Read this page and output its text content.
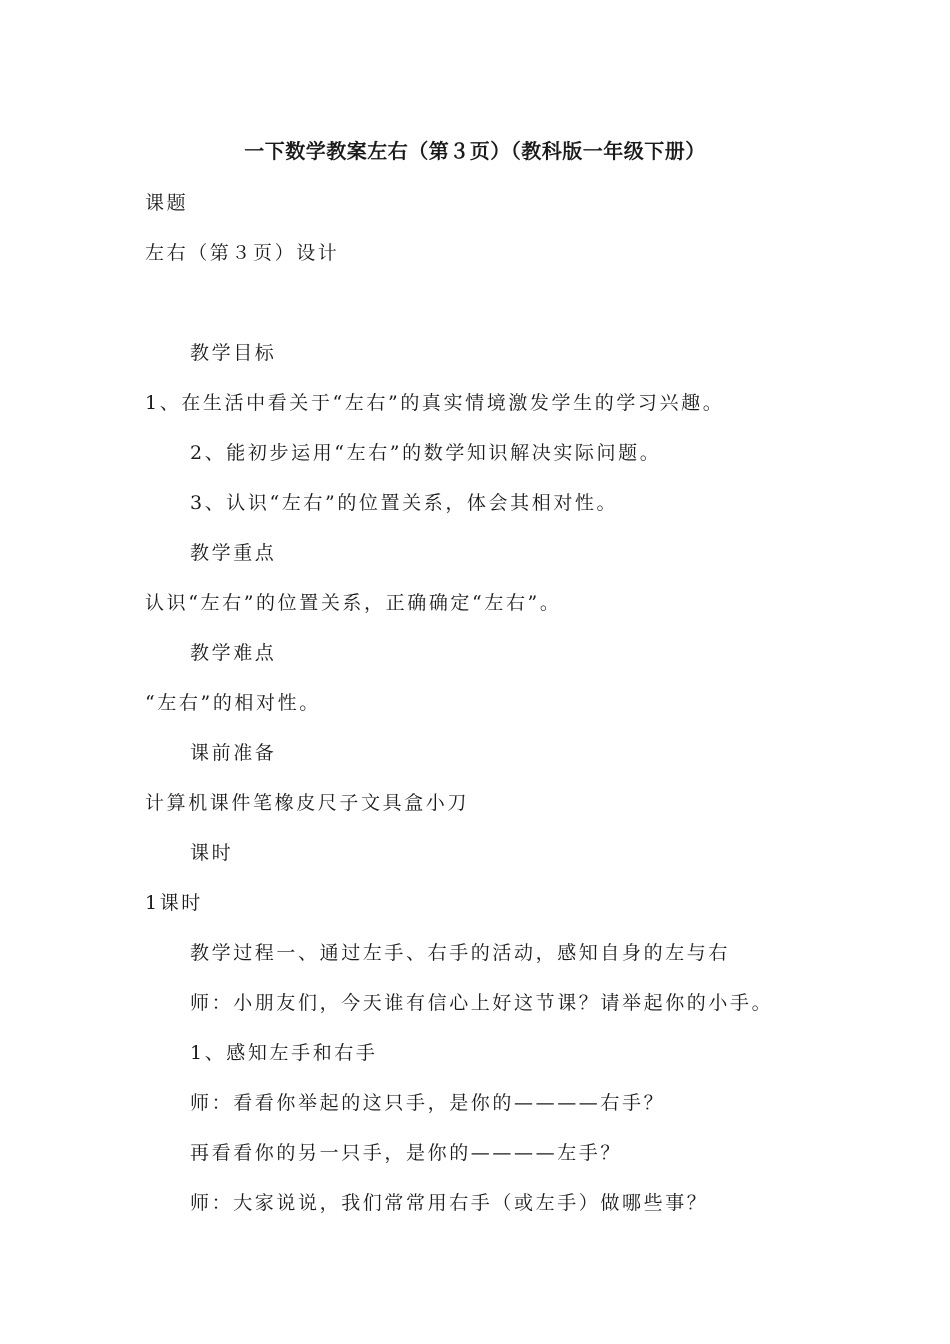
一下数学教案左右（第３页）（教科版一年级下册）
课题
左右（第３页）设计
教学目标
1、在生活中看关于“左右”的真实情境激发学生的学习兴趣。
2、能初步运用“左右”的数学知识解决实际问题。
3、认识“左右”的位置关系，体会其相对性。
教学重点
认识“左右”的位置关系，正确确定“左右”。
教学难点
“左右”的相对性。
课前准备
计算机课件笔橡皮尺子文具盒小刀
课时
1课时
教学过程一、通过左手、右手的活动，感知自身的左与右
师：小朋友们，今天谁有信心上好这节课？请举起你的小手。
1、感知左手和右手
师：看看你举起的这只手，是你的————右手？
再看看你的另一只手，是你的————左手？
师：大家说说，我们常常用右手（或左手）做哪些事？
